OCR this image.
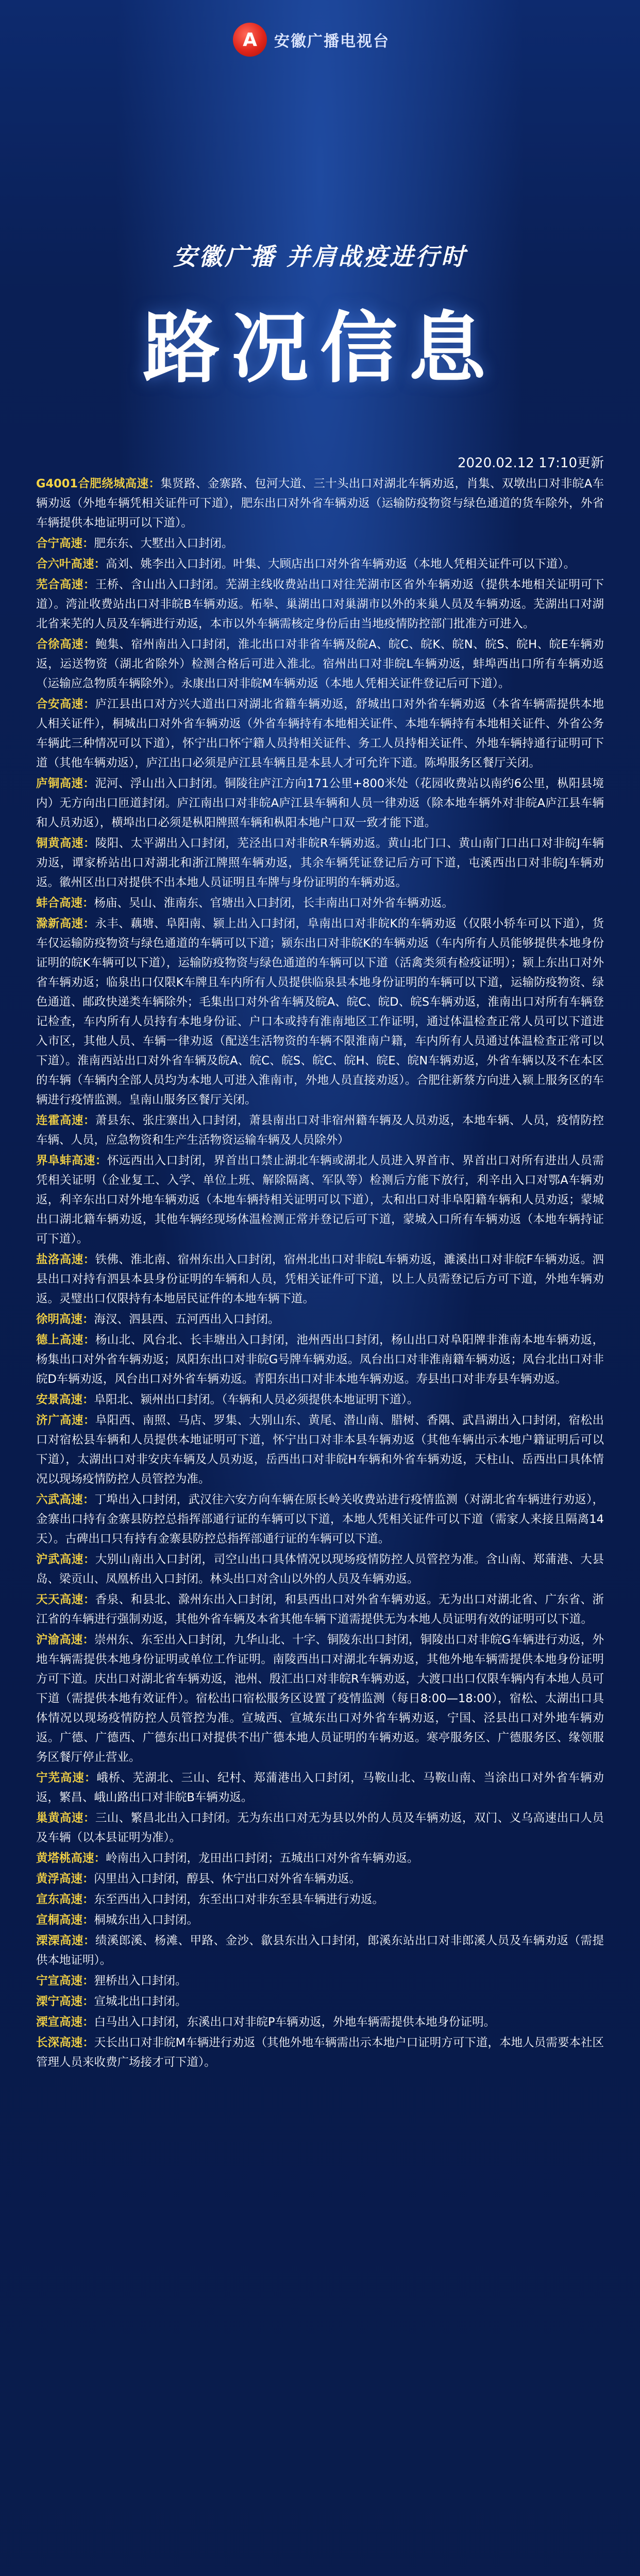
A	安徽广播电视台
安徽广播 并肩战疫进行时
路况信息
2020.02.12 17:10更新
G4001合肥绕城高速：集贤路、金寨路、包河大道、三十头出口对湖北车辆劝返，肖集、双墩出口对非皖A车辆劝返（外地车辆凭相关证件可下道），肥东出口对外省车辆劝返（运输防疫物资与绿色通道的货车除外，外省车辆提供本地证明可以下道）。
合宁高速：肥东东、大墅出入口封闭。
合六叶高速：高刘、姚李出入口封闭。叶集、大顾店出口对外省车辆劝返（本地人凭相关证件可以下道）。
芜合高速：王桥、含山出入口封闭。芜湖主线收费站出口对往芜湖市区省外车辆劝返（提供本地相关证明可下道）。湾沚收费站出口对非皖B车辆劝返。柘皋、巢湖出口对巢湖市以外的来巢人员及车辆劝返。芜湖出口对湖北省来芜的人员及车辆进行劝返，本市以外车辆需核定身份后由当地疫情防控部门批准方可进入。
合徐高速：鲍集、宿州南出入口封闭，淮北出口对非省车辆及皖A、皖C、皖K、皖N、皖S、皖H、皖E车辆劝返，运送物资（湖北省除外）检测合格后可进入淮北。宿州出口对非皖L车辆劝返，蚌埠西出口所有车辆劝返（运输应急物质车辆除外）。永康出口对非皖M车辆劝返（本地人凭相关证件登记后可下道）。
合安高速：庐江县出口对方兴大道出口对湖北省籍车辆劝返，舒城出口对外省车辆劝返（本省车辆需提供本地人相关证件），桐城出口对外省车辆劝返（外省车辆持有本地相关证件、本地车辆持有本地相关证件、外省公务车辆此三种情况可以下道），怀宁出口怀宁籍人员持相关证件、务工人员持相关证件、外地车辆持通行证明可下道（其他车辆劝返），庐江出口必须是庐江县车辆且是本县人才可允许下道。陈埠服务区餐厅关闭。
庐铜高速：泥河、浮山出入口封闭。铜陵往庐江方向171公里+800米处（花园收费站以南约6公里，枞阳县境内）无方向出口匝道封闭。庐江南出口对非皖A庐江县车辆和人员一律劝返（除本地车辆外对非皖A庐江县车辆和人员劝返），横埠出口必须是枞阳牌照车辆和枞阳本地户口双一致才能下道。
铜黄高速：陵阳、太平湖出入口封闭，芜泾出口对非皖R车辆劝返。黄山北门口、黄山南门口出口对非皖J车辆劝返，谭家桥站出口对湖北和浙江牌照车辆劝返，其余车辆凭证登记后方可下道，屯溪西出口对非皖J车辆劝返。徽州区出口对提供不出本地人员证明且车牌与身份证明的车辆劝返。
蚌合高速：杨庙、吴山、淮南东、官塘出入口封闭，长丰南出口对外省车辆劝返。
滁新高速：永丰、藕塘、阜阳南、颍上出入口封闭，阜南出口对非皖K的车辆劝返（仅限小轿车可以下道），货车仅运输防疫物资与绿色通道的车辆可以下道；颍东出口对非皖K的车辆劝返（车内所有人员能够提供本地身份证明的皖K车辆可以下道），运输防疫物资与绿色通道的车辆可以下道（活禽类须有检疫证明）；颍上东出口对外省车辆劝返；临泉出口仅限K车牌且车内所有人员提供临泉县本地身份证明的车辆可以下道，运输防疫物资、绿色通道、邮政快递类车辆除外；毛集出口对外省车辆及皖A、皖C、皖D、皖S车辆劝返，淮南出口对所有车辆登记检查，车内所有人员持有本地身份证、户口本或持有淮南地区工作证明，通过体温检查正常人员可以下道进入市区，其他人员、车辆一律劝返（配送生活物资的车辆不限淮南户籍，车内所有人员通过体温检查正常可以下道）。淮南西站出口对外省车辆及皖A、皖C、皖S、皖C、皖H、皖E、皖N车辆劝返，外省车辆以及不在本区的车辆（车辆内全部人员均为本地人可进入淮南市，外地人员直接劝返）。合肥往新蔡方向进入颍上服务区的车辆进行疫情监测。皇南山服务区餐厅关闭。
连霍高速：萧县东、张庄寨出入口封闭，萧县南出口对非宿州籍车辆及人员劝返，本地车辆、人员，疫情防控车辆、人员，应急物资和生产生活物资运输车辆及人员除外）
界阜蚌高速：怀远西出入口封闭，界首出口禁止湖北车辆或湖北人员进入界首市、界首出口对所有进出人员需凭相关证明（企业复工、入学、单位上班、解除隔离、军队等）检测后方能下放行，利辛出入口对鄂A车辆劝返，利辛东出口对外地车辆劝返（本地车辆持相关证明可以下道），太和出口对非阜阳籍车辆和人员劝返；蒙城出口湖北籍车辆劝返，其他车辆经现场体温检测正常并登记后可下道，蒙城入口所有车辆劝返（本地车辆持证可下道）。
盐洛高速：铁佛、淮北南、宿州东出入口封闭，宿州北出口对非皖L车辆劝返，濉溪出口对非皖F车辆劝返。泗县出口对持有泗县本县身份证明的车辆和人员，凭相关证件可下道，以上人员需登记后方可下道，外地车辆劝返。灵璧出口仅限持有本地居民证件的本地车辆下道。
徐明高速：海汊、泗县西、五河西出入口封闭。
德上高速：杨山北、风台北、长丰塘出入口封闭，池州西出口封闭，杨山出口对阜阳牌非淮南本地车辆劝返，杨集出口对外省车辆劝返；凤阳东出口对非皖G号牌车辆劝返。凤台出口对非淮南籍车辆劝返；凤台北出口对非皖D车辆劝返，风台出口对外省车辆劝返。青阳东出口对非本地车辆劝返。寿县出口对非寿县车辆劝返。
安景高速：阜阳北、颍州出口封闭。（车辆和人员必须提供本地证明下道）。
济广高速：阜阳西、南照、马店、罗集、大别山东、黄尾、潜山南、腊树、香隅、武昌湖出入口封闭，宿松出口对宿松县车辆和人员提供本地证明可下道，怀宁出口对非本县车辆劝返（其他车辆出示本地户籍证明后可以下道），太湖出口对非安庆车辆及人员劝返，岳西出口对非皖H车辆和外省车辆劝返，天柱山、岳西出口具体情况以现场疫情防控人员管控为准。
六武高速：丁埠出入口封闭，武汉往六安方向车辆在原长岭关收费站进行疫情监测（对湖北省车辆进行劝返），金寨出口持有金寨县防控总指挥部通行证的车辆可以下道，本地人凭相关证件可以下道（需家人来接且隔离14天）。古碑出口只有持有金寨县防控总指挥部通行证的车辆可以下道。
沪武高速：大别山南出入口封闭，司空山出口具体情况以现场疫情防控人员管控为准。含山南、郑蒲港、大县岛、梁贡山、凤凰桥出入口封闭。林头出口对含山以外的人员及车辆劝返。
天天高速：香泉、和县北、滁州东出入口封闭，和县西出口对外省车辆劝返。无为出口对湖北省、广东省、浙江省的车辆进行强制劝返，其他外省车辆及本省其他车辆下道需提供无为本地人员证明有效的证明可以下道。
沪渝高速：崇州东、东至出入口封闭，九华山北、十字、铜陵东出口封闭，铜陵出口对非皖G车辆进行劝返，外地车辆需提供本地身份证明或单位工作证明。南陵西出口对湖北车辆劝返，其他外地车辆需提供本地身份证明方可下道。庆出口对湖北省车辆劝返，池州、殷汇出口对非皖R车辆劝返，大渡口出口仅限车辆内有本地人员可下道（需提供本地有效证件）。宿松出口宿松服务区设置了疫情监测（每日8:00—18:00），宿松、太湖出口具体情况以现场疫情防控人员管控为准。宣城西、宣城东出口对外省车辆劝返，宁国、泾县出口对外地车辆劝返。广德、广德西、广德东出口对提供不出广德本地人员证明的车辆劝返。寒亭服务区、广德服务区、缘领服务区餐厅停止营业。
宁芜高速：峨桥、芜湖北、三山、纪村、郑蒲港出入口封闭，马鞍山北、马鞍山南、当涂出口对外省车辆劝返，繁昌、峨山路出口对非皖B车辆劝返。
巢黄高速：三山、繁昌北出入口封闭。无为东出口对无为县以外的人员及车辆劝返，双门、义乌高速出口人员及车辆（以本县证明为准）。
黄塔桃高速：岭南出入口封闭，龙田出口封闭；五城出口对外省车辆劝返。
黄浮高速：闪里出入口封闭，醇县、休宁出口对外省车辆劝返。
宣东高速：东至西出入口封闭，东至出口对非东至县车辆进行劝返。
宣桐高速：桐城东出入口封闭。
溧溧高速：绩溪郎溪、杨滩、甲路、金沙、歙县东出入口封闭，郎溪东站出口对非郎溪人员及车辆劝返（需提供本地证明）。
宁宣高速：狸桥出入口封闭。
溧宁高速：宣城北出口封闭。
溧宣高速：白马出入口封闭，东溪出口对非皖P车辆劝返，外地车辆需提供本地身份证明。
长深高速：天长出口对非皖M车辆进行劝返（其他外地车辆需出示本地户口证明方可下道，本地人员需要本社区管理人员来收费广场接才可下道）。
